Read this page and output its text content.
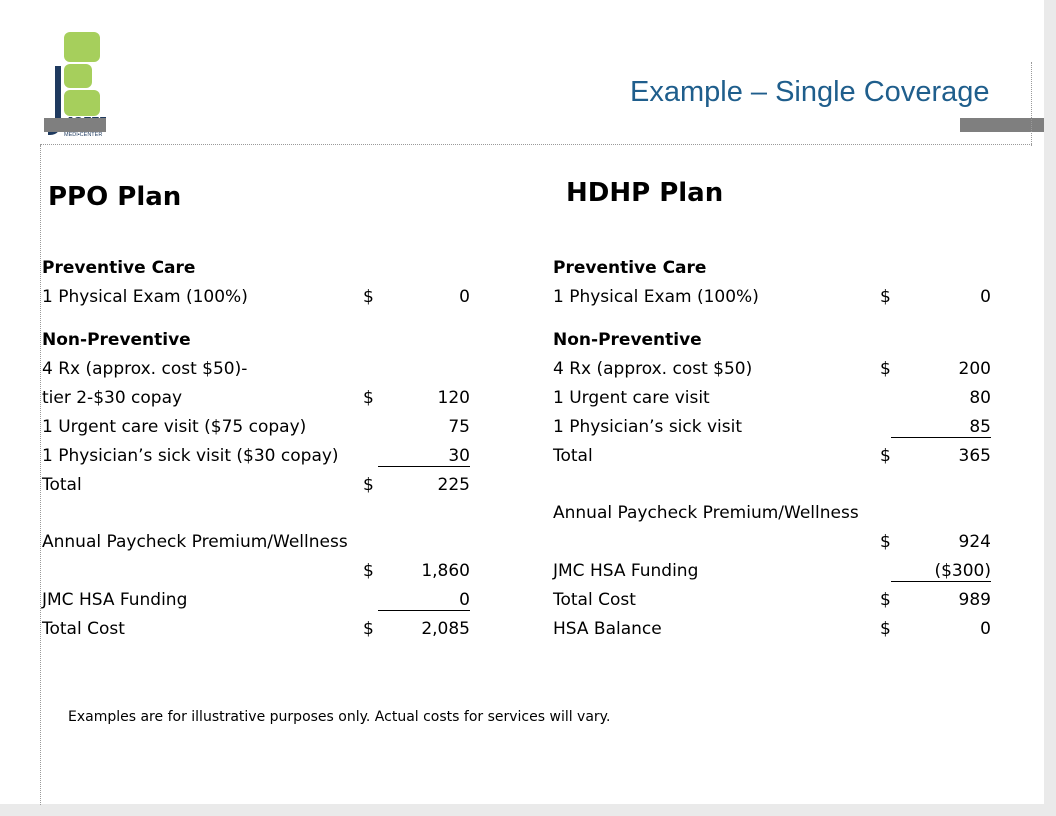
MEDI•CENTER
Example – Single Coverage
PPO Plan	HDHP Plan
Preventive Care
1 Physical Exam (100%)	$	0
Non-Preventive
4 Rx (approx. cost $50)-
tier 2-$30 copay	$	120
1 Urgent care visit ($75 copay)	75
1 Physician’s sick visit ($30 copay)	30
Total	$	225
Annual Paycheck Premium/Wellness
$	1,860
JMC HSA Funding	0
Total Cost	$	2,085
Preventive Care
1 Physical Exam (100%)	$	0
Non-Preventive
4 Rx (approx. cost $50)	$	200
1 Urgent care visit	80
1 Physician’s sick visit	85
Total	$	365
Annual Paycheck Premium/Wellness
$	924
JMC HSA Funding	($300)
Total Cost	$	989
HSA Balance	$	0
Examples are for illustrative purposes only. Actual costs for services will vary.
